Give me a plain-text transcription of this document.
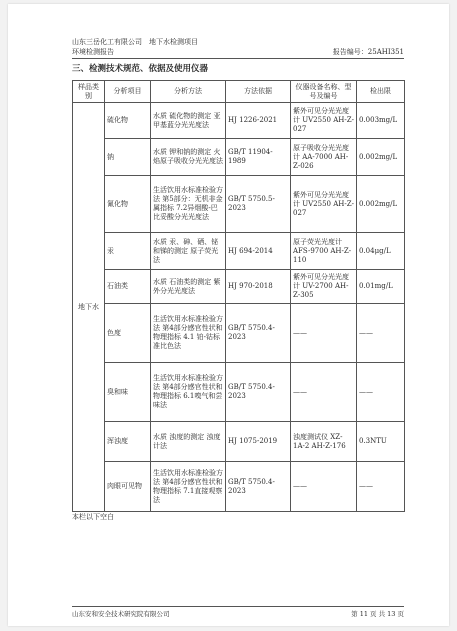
山东三岳化工有限公司　地下水检测项目
环境检测报告	报告编号：25AHI351
三、检测技术规范、依据及使用仪器
样品类别	分析项目	分析方法	方法依据	仪器设备名称、型号及编号	检出限
地下水	硫化物	水质 硫化物的测定 亚甲基蓝分光光度法	HJ 1226-2021	紫外可见分光光度计 UV2550 AH-Z-027	0.003mg/L
	钠	水质 钾和钠的测定 火焰原子吸收分光光度法	GB/T 11904-1989	原子吸收分光光度计 AA-7000 AH-Z-026	0.002mg/L
	氰化物	生活饮用水标准检验方法 第5部分：无机非金属指标 7.2异烟酸-巴比妥酸分光光度法	GB/T 5750.5-2023	紫外可见分光光度计 UV2550 AH-Z-027	0.002mg/L
	汞	水质 汞、砷、硒、铋和锑的测定 原子荧光法	HJ 694-2014	原子荧光光度计 AFS-9700 AH-Z-110	0.04μg/L
	石油类	水质 石油类的测定 紫外分光光度法	HJ 970-2018	紫外可见分光光度计 UV-2700 AH-Z-305	0.01mg/L
	色度	生活饮用水标准检验方法 第4部分感官性状和物理指标 4.1 铂-钴标准比色法	GB/T 5750.4-2023	——	——
	臭和味	生活饮用水标准检验方法 第4部分感官性状和物理指标 6.1嗅气和尝味法	GB/T 5750.4-2023	——	——
	浑浊度	水质 浊度的测定 浊度计法	HJ 1075-2019	浊度测试仪 XZ-1A-2 AH-Z-176	0.3NTU
	肉眼可见物	生活饮用水标准检验方法 第4部分感官性状和物理指标 7.1直接观察法	GB/T 5750.4-2023	——	——
本栏以下空白
山东安和安全技术研究院有限公司	第 11 页 共 13 页
